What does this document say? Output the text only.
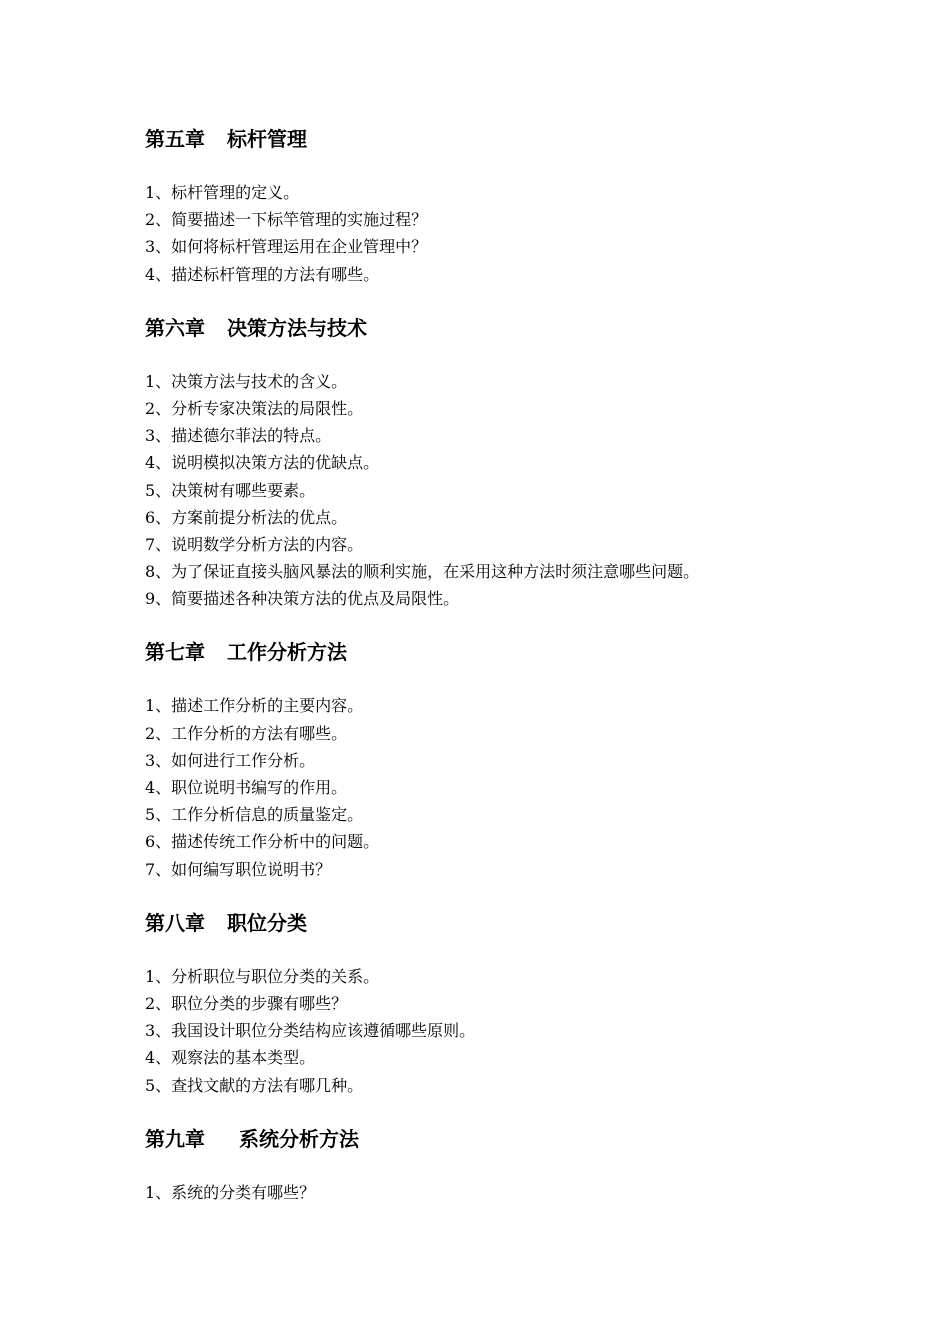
第五章 标杆管理
1、标杆管理的定义。
2、简要描述一下标竿管理的实施过程？
3、如何将标杆管理运用在企业管理中？
4、描述标杆管理的方法有哪些。
第六章 决策方法与技术
1、决策方法与技术的含义。
2、分析专家决策法的局限性。
3、描述德尔菲法的特点。
4、说明模拟决策方法的优缺点。
5、决策树有哪些要素。
6、方案前提分析法的优点。
7、说明数学分析方法的内容。
8、为了保证直接头脑风暴法的顺利实施，在采用这种方法时须注意哪些问题。
9、简要描述各种决策方法的优点及局限性。
第七章 工作分析方法
1、描述工作分析的主要内容。
2、工作分析的方法有哪些。
3、如何进行工作分析。
4、职位说明书编写的作用。
5、工作分析信息的质量鉴定。
6、描述传统工作分析中的问题。
7、如何编写职位说明书？
第八章 职位分类
1、分析职位与职位分类的关系。
2、职位分类的步骤有哪些？
3、我国设计职位分类结构应该遵循哪些原则。
4、观察法的基本类型。
5、查找文献的方法有哪几种。
第九章 系统分析方法
1、系统的分类有哪些？
